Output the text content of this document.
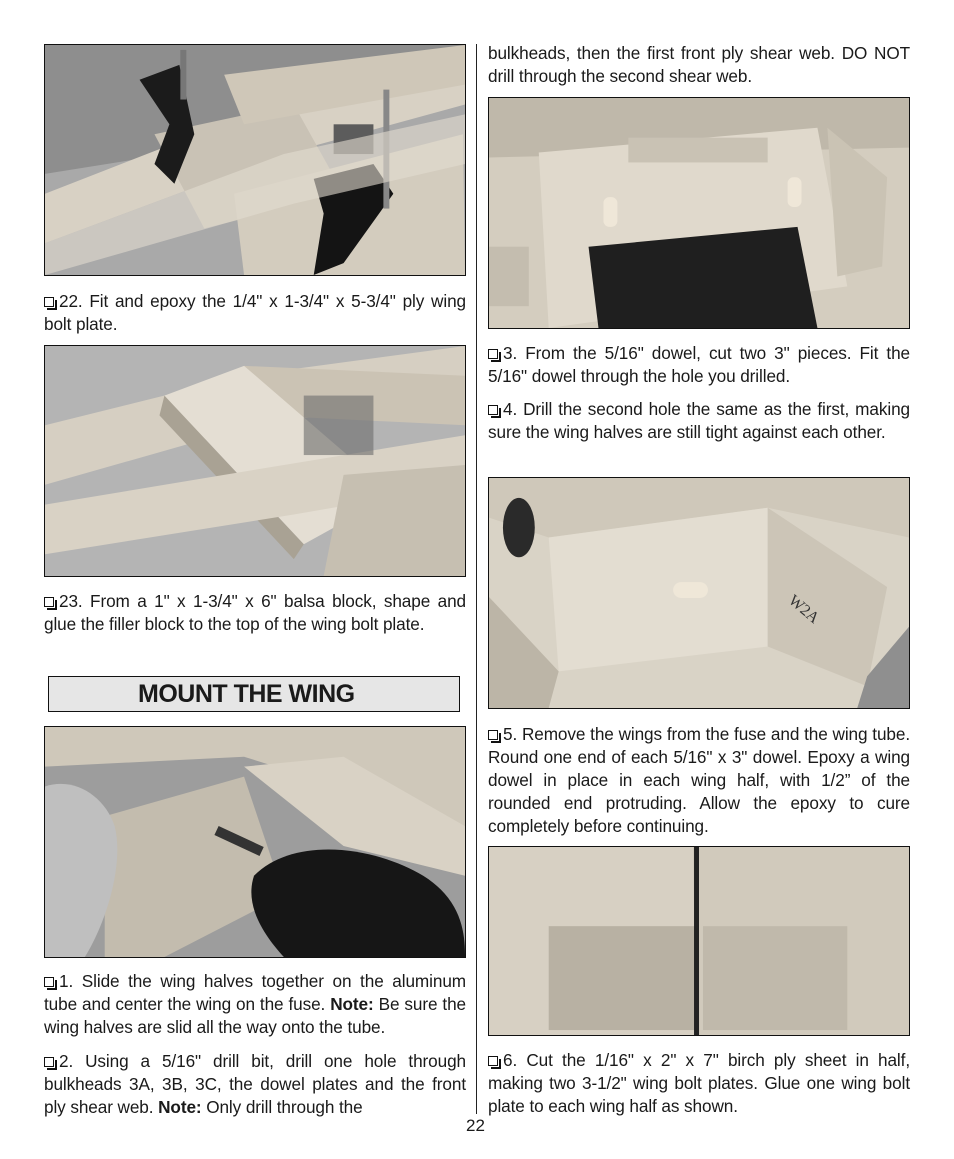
22. Fit and epoxy the 1/4" x 1-3/4" x 5-3/4" ply wing bolt plate.

23. From a 1" x 1-3/4" x 6" balsa block, shape and glue the filler block to the top of the wing bolt plate.

MOUNT THE WING

1. Slide the wing halves together on the aluminum tube and center the wing on the fuse. Note: Be sure the wing halves are slid all the way onto the tube.

2. Using a 5/16" drill bit, drill one hole through bulkheads 3A, 3B, 3C, the dowel plates and the front ply shear web. Note: Only drill through the

bulkheads, then the first front ply shear web. DO NOT drill through the second shear web.

3. From the 5/16" dowel, cut two 3" pieces. Fit the 5/16" dowel through the hole you drilled.

4. Drill the second hole the same as the first, making sure the wing halves are still tight against each other.

W2A

5. Remove the wings from the fuse and the wing tube. Round one end of each 5/16" x 3" dowel. Epoxy a wing dowel in place in each wing half, with 1/2” of the rounded end protruding. Allow the epoxy to cure completely before continuing.

6. Cut the 1/16" x 2" x 7" birch ply sheet in half, making two 3-1/2" wing bolt plates. Glue one wing bolt plate to each wing half as shown.

22
